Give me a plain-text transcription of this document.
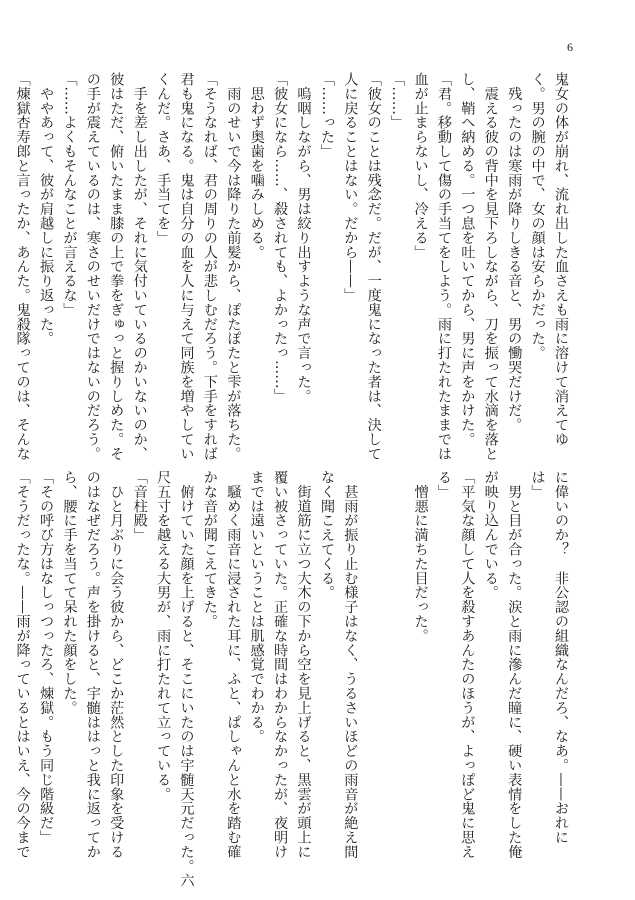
6
鬼女の体が崩れ、流れ出した血さえも雨に溶けて消えてゆ
く。男の腕の中で、女の顔は安らかだった。
　残ったのは寒雨が降りしきる音と、男の慟哭だけだ。
　震える彼の背中を見下ろしながら、刀を振って水滴を落と
し、鞘へ納める。一つ息を吐いてから、男に声をかけた。
「君。移動して傷の手当てをしよう。雨に打たれたままでは
血が止まらないし、冷える」
「……」
「彼女のことは残念だ。だが、一度鬼になった者は、決して
人に戻ることはない。だから——」
「……った」
　嗚咽しながら、男は絞り出すような声で言った。
「彼女になら……、殺されても、よかったっ……」
　思わず奥歯を噛みしめる。
　雨のせいで今は降りた前髪から、ぽたぽたと雫が落ちた。
「そうなれば、君の周りの人が悲しむだろう。下手をすれば
君も鬼になる。鬼は自分の血を人に与えて同族を増やしてい
くんだ。さあ、手当てを」
　手を差し出したが、それに気付いているのかいないのか、
彼はただ、俯いたまま膝の上で拳をぎゅっと握りしめた。そ
の手が震えているのは、寒さのせいだけではないのだろう。
「……よくもそんなことが言えるな」
　ややあって、彼が肩越しに振り返った。
「煉獄杏寿郎と言ったか、あんた。鬼殺隊ってのは、そんな
に偉いのか？　非公認の組織なんだろ、なあ。——おれに
は」
　男と目が合った。涙と雨に滲んだ瞳に、硬い表情をした俺
が映り込んでいる。
「平気な顔して人を殺すあんたのほうが、よっぽど鬼に思え
る」
　憎悪に満ちた目だった。

　甚雨が振り止む様子はなく、うるさいほどの雨音が絶え間
なく聞こえてくる。
　街道筋に立つ大木の下から空を見上げると、黒雲が頭上に
覆い被さっていた。正確な時間はわからなかったが、夜明け
までは遠いということは肌感覚でわかる。
　騒めく雨音に浸された耳に、ふと、ぱしゃんと水を踏む確
かな音が聞こえてきた。
　俯けていた顔を上げると、そこにいたのは宇髄天元だった。六
尺五寸を越える大男が、雨に打たれて立っている。
「音柱殿」
　ひと月ぶりに会う彼から、どこか茫然とした印象を受ける
のはなぜだろう。声を掛けると、宇髄ははっと我に返ってか
ら、腰に手を当てて呆れた顔をした。
「その呼び方はなしっつったろ、煉獄。もう同じ階級だ」
「そうだったな。——雨が降っているとはいえ、今の今まで
